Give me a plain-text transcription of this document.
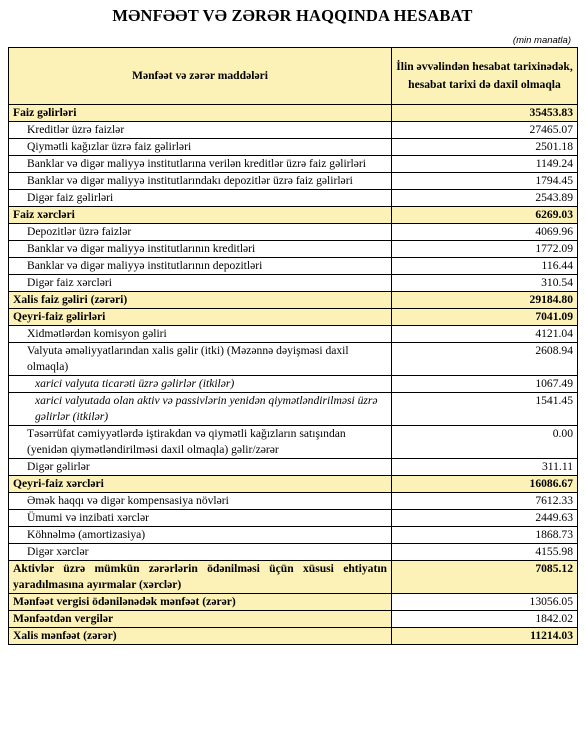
MƏNFƏƏT VƏ ZƏRƏR HAQQINDA HESABAT
(min manatla)
Mənfəət və zərər maddələri	İlin əvvəlindən hesabat tarixinədək, hesabat tarixi də daxil olmaqla
Faiz gəlirləri	35453.83
Kreditlər üzrə faizlər	27465.07
Qiymətli kağızlar üzrə faiz gəlirləri	2501.18
Banklar və digər maliyyə institutlarına verilən kreditlər üzrə faiz gəlirləri	1149.24
Banklar və digər maliyyə institutlarındakı depozitlər üzrə faiz gəlirləri	1794.45
Digər faiz gəlirləri	2543.89
Faiz xərcləri	6269.03
Depozitlər üzrə faizlər	4069.96
Banklar və digər maliyyə institutlarının kreditləri	1772.09
Banklar və digər maliyyə institutlarının depozitləri	116.44
Digər faiz xərcləri	310.54
Xalis faiz gəliri (zərəri)	29184.80
Qeyri-faiz gəlirləri	7041.09
Xidmətlərdən komisyon gəliri	4121.04
Valyuta əməliyyatlarından xalis gəlir (itki) (Məzənnə dəyişməsi daxil olmaqla)	2608.94
xarici valyuta ticarəti üzrə gəlirlər (itkilər)	1067.49
xarici valyutada olan aktiv və passivlərin yenidən qiymətləndirilməsi üzrə gəlirlər (itkilər)	1541.45
Təsərrüfat cəmiyyətlərdə iştirakdan və qiymətli kağızların satışından (yenidən qiymətləndirilməsi daxil olmaqla) gəlir/zərər	0.00
Digər gəlirlər	311.11
Qeyri-faiz xərcləri	16086.67
Əmək haqqı və digər kompensasiya növləri	7612.33
Ümumi və inzibati xərclər	2449.63
Köhnəlmə (amortizasiya)	1868.73
Digər xərclər	4155.98
Aktivlər üzrə mümkün zərərlərin ödənilməsi üçün xüsusi ehtiyatın yaradılmasına ayırmalar (xərclər)	7085.12
Mənfəət vergisi ödənilənədək mənfəət (zərər)	13056.05
Mənfəətdən vergilər	1842.02
Xalis mənfəət (zərər)	11214.03
